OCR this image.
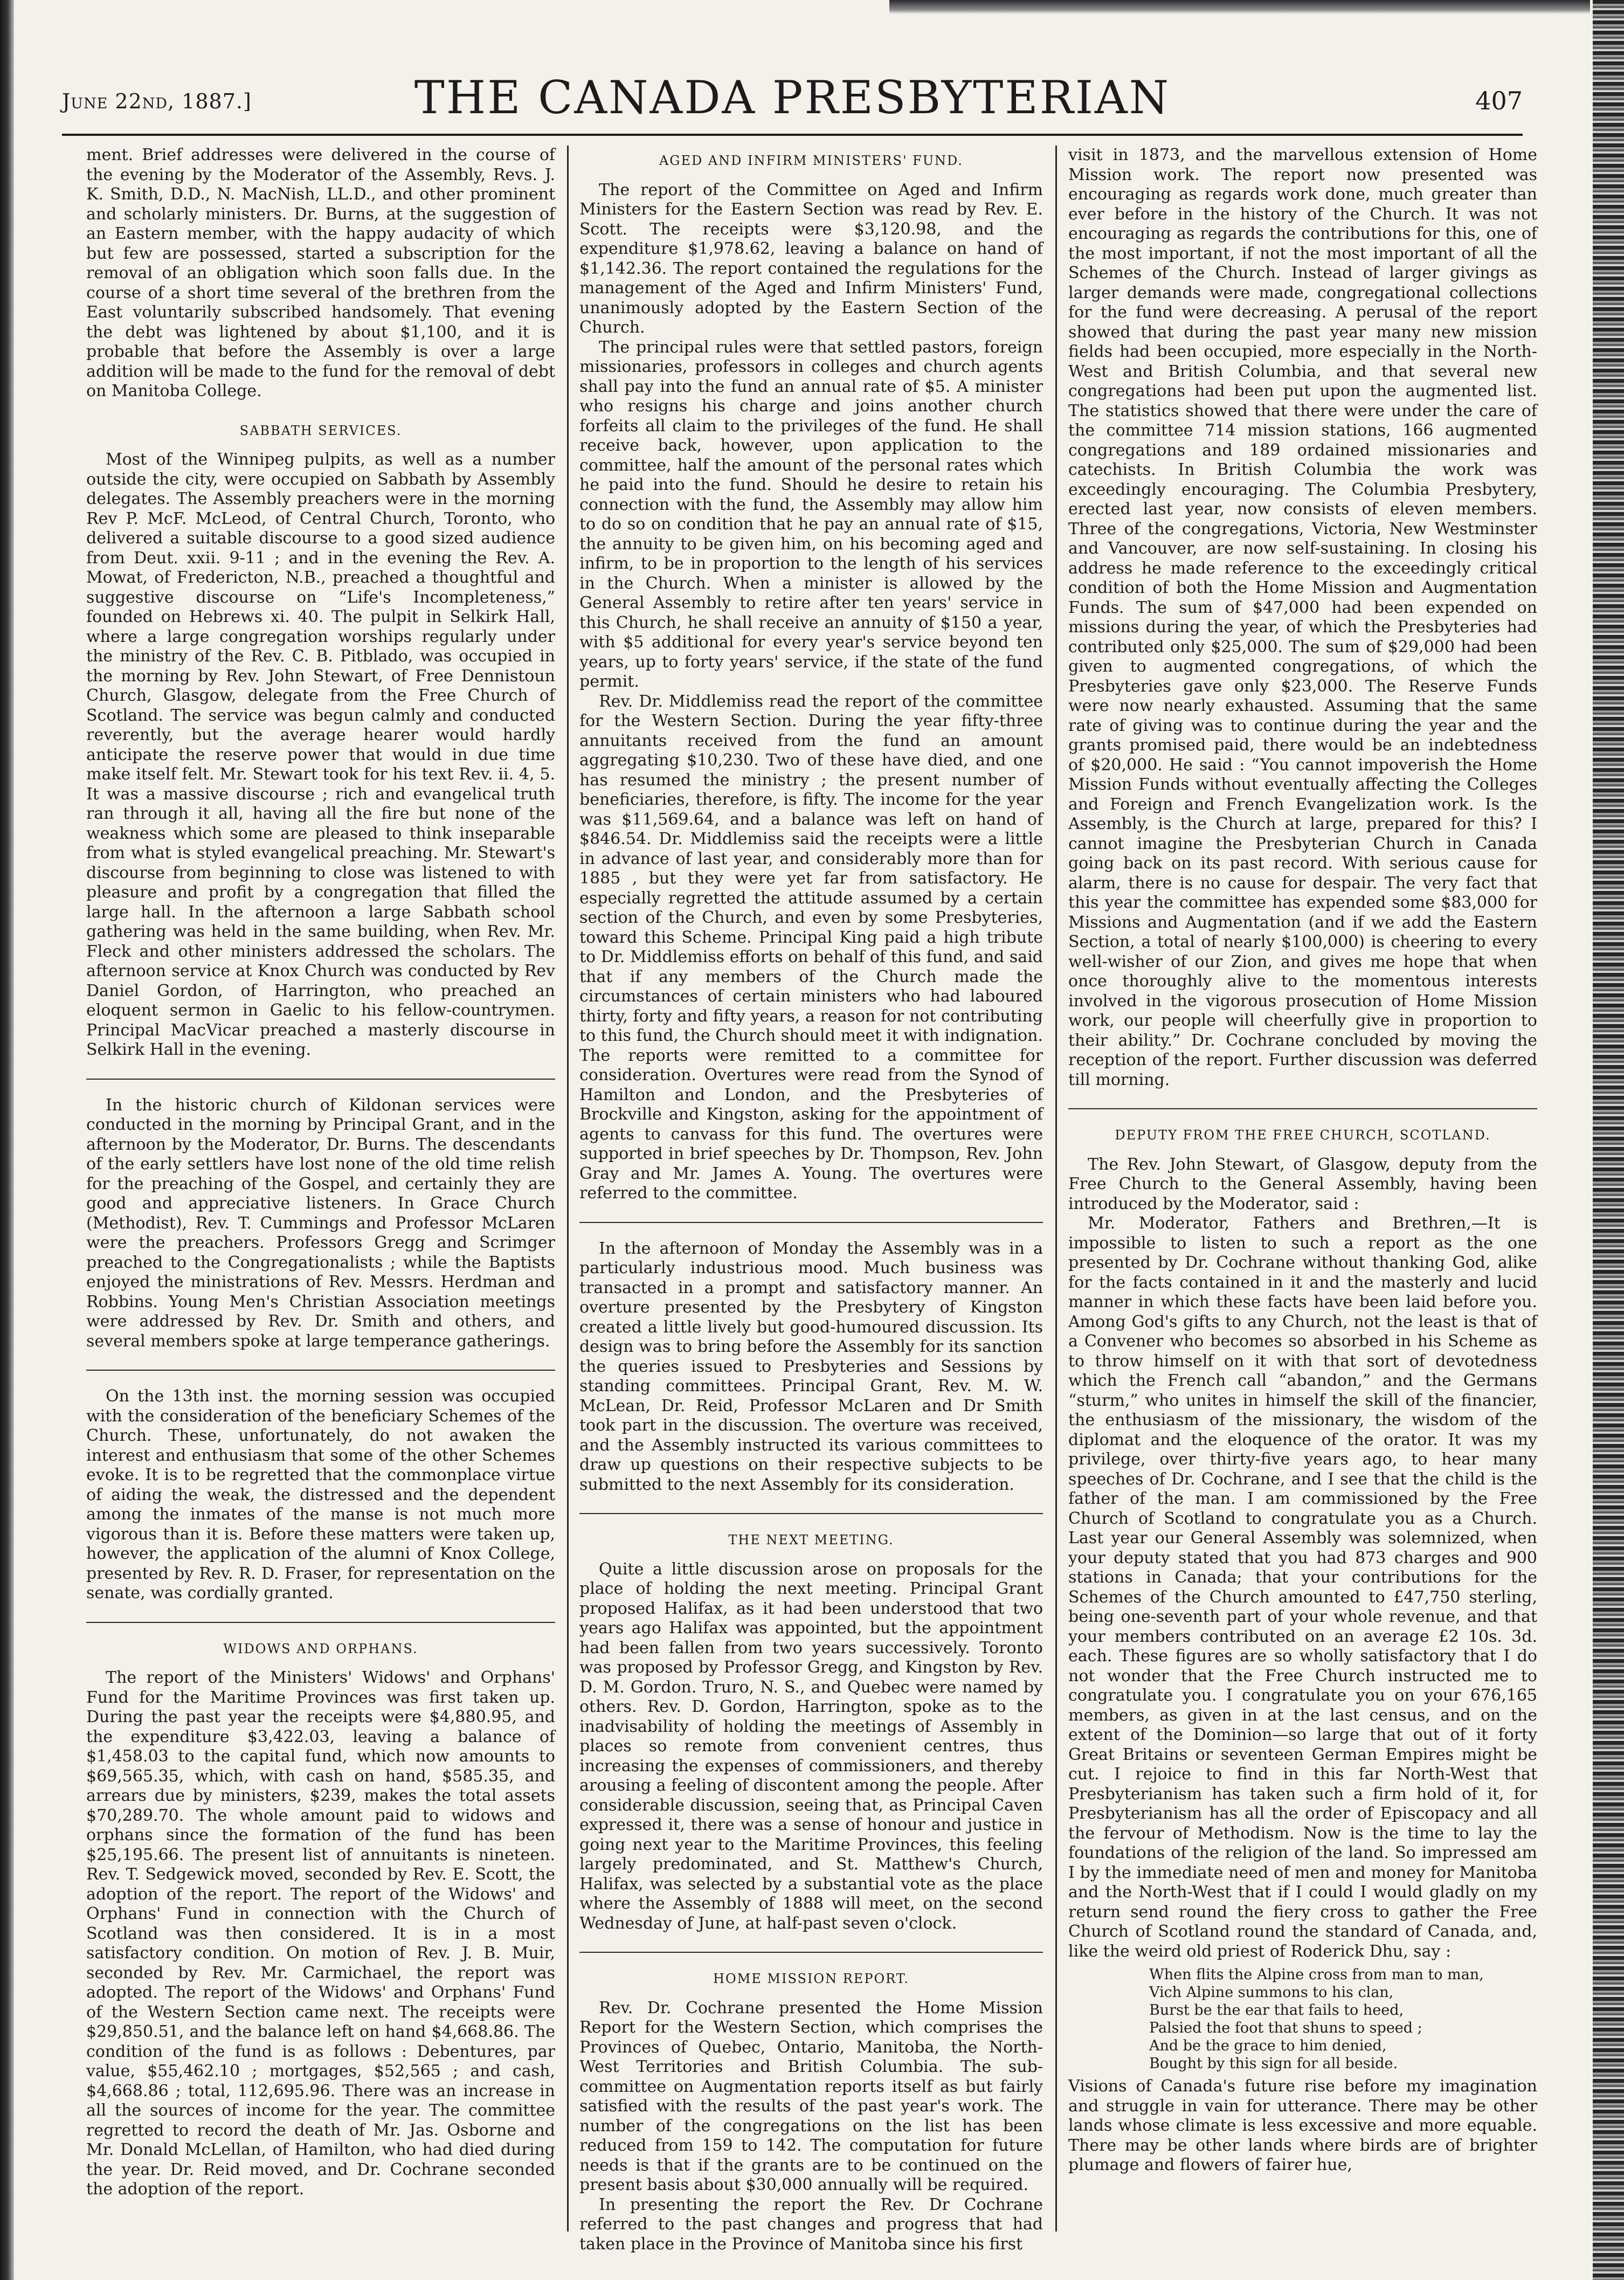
June 22nd, 1887.]	THE CANADA PRESBYTERIAN	407

ment. Brief addresses were delivered in the course of the evening by the Moderator of the Assembly, Revs. J. K. Smith, D.D., N. MacNish, LL.D., and other prominent and scholarly ministers. Dr. Burns, at the suggestion of an Eastern member, with the happy audacity of which but few are possessed, started a subscription for the removal of an obligation which soon falls due. In the course of a short time several of the brethren from the East voluntarily subscribed handsomely. That evening the debt was lightened by about $1,100, and it is probable that before the Assembly is over a large addition will be made to the fund for the removal of debt on Manitoba College.

SABBATH SERVICES.

Most of the Winnipeg pulpits, as well as a number outside the city, were occupied on Sabbath by Assembly delegates. The Assembly preachers were in the morning Rev P. McF. McLeod, of Central Church, Toronto, who delivered a suitable discourse to a good sized audience from Deut. xxii. 9-11 ; and in the evening the Rev. A. Mowat, of Fredericton, N.B., preached a thoughtful and suggestive discourse on “Life's Incompleteness,” founded on Hebrews xi. 40. The pulpit in Selkirk Hall, where a large congregation worships regularly under the ministry of the Rev. C. B. Pitblado, was occupied in the morning by Rev. John Stewart, of Free Dennistoun Church, Glasgow, delegate from the Free Church of Scotland. The service was begun calmly and conducted reverently, but the average hearer would hardly anticipate the reserve power that would in due time make itself felt. Mr. Stewart took for his text Rev. ii. 4, 5. It was a massive discourse ; rich and evangelical truth ran through it all, having all the fire but none of the weakness which some are pleased to think inseparable from what is styled evangelical preaching. Mr. Stewart's discourse from beginning to close was listened to with pleasure and profit by a congregation that filled the large hall. In the afternoon a large Sabbath school gathering was held in the same building, when Rev. Mr. Fleck and other ministers addressed the scholars. The afternoon service at Knox Church was conducted by Rev Daniel Gordon, of Harrington, who preached an eloquent sermon in Gaelic to his fellow-countrymen. Principal MacVicar preached a masterly discourse in Selkirk Hall in the evening.

In the historic church of Kildonan services were conducted in the morning by Principal Grant, and in the afternoon by the Moderator, Dr. Burns. The descendants of the early settlers have lost none of the old time relish for the preaching of the Gospel, and certainly they are good and appreciative listeners. In Grace Church (Methodist), Rev. T. Cummings and Professor McLaren were the preachers. Professors Gregg and Scrimger preached to the Congregationalists ; while the Baptists enjoyed the ministrations of Rev. Messrs. Herdman and Robbins. Young Men's Christian Association meetings were addressed by Rev. Dr. Smith and others, and several members spoke at large temperance gatherings.

On the 13th inst. the morning session was occupied with the consideration of the beneficiary Schemes of the Church. These, unfortunately, do not awaken the interest and enthusiasm that some of the other Schemes evoke. It is to be regretted that the commonplace virtue of aiding the weak, the distressed and the dependent among the inmates of the manse is not much more vigorous than it is. Before these matters were taken up, however, the application of the alumni of Knox College, presented by Rev. R. D. Fraser, for representation on the senate, was cordially granted.

WIDOWS AND ORPHANS.

The report of the Ministers' Widows' and Orphans' Fund for the Maritime Provinces was first taken up. During the past year the receipts were $4,880.95, and the expenditure $3,422.03, leaving a balance of $1,458.03 to the capital fund, which now amounts to $69,565.35, which, with cash on hand, $585.35, and arrears due by ministers, $239, makes the total assets $70,289.70. The whole amount paid to widows and orphans since the formation of the fund has been $25,195.66. The present list of annuitants is nineteen. Rev. T. Sedgewick moved, seconded by Rev. E. Scott, the adoption of the report. The report of the Widows' and Orphans' Fund in connection with the Church of Scotland was then considered. It is in a most satisfactory condition. On motion of Rev. J. B. Muir, seconded by Rev. Mr. Carmichael, the report was adopted. The report of the Widows' and Orphans' Fund of the Western Section came next. The receipts were $29,850.51, and the balance left on hand $4,668.86. The condition of the fund is as follows : Debentures, par value, $55,462.10 ; mortgages, $52,565 ; and cash, $4,668.86 ; total, 112,695.96. There was an increase in all the sources of income for the year. The committee regretted to record the death of Mr. Jas. Osborne and Mr. Donald McLellan, of Hamilton, who had died during the year. Dr. Reid moved, and Dr. Cochrane seconded the adoption of the report.

AGED AND INFIRM MINISTERS' FUND.

The report of the Committee on Aged and Infirm Ministers for the Eastern Section was read by Rev. E. Scott. The receipts were $3,120.98, and the expenditure $1,978.62, leaving a balance on hand of $1,142.36. The report contained the regulations for the management of the Aged and Infirm Ministers' Fund, unanimously adopted by the Eastern Section of the Church.

The principal rules were that settled pastors, foreign missionaries, professors in colleges and church agents shall pay into the fund an annual rate of $5. A minister who resigns his charge and joins another church forfeits all claim to the privileges of the fund. He shall receive back, however, upon application to the committee, half the amount of the personal rates which he paid into the fund. Should he desire to retain his connection with the fund, the Assembly may allow him to do so on condition that he pay an annual rate of $15, the annuity to be given him, on his becoming aged and infirm, to be in proportion to the length of his services in the Church. When a minister is allowed by the General Assembly to retire after ten years' service in this Church, he shall receive an annuity of $150 a year, with $5 additional for every year's service beyond ten years, up to forty years' service, if the state of the fund permit.

Rev. Dr. Middlemiss read the report of the committee for the Western Section. During the year fifty-three annuitants received from the fund an amount aggregating $10,230. Two of these have died, and one has resumed the ministry ; the present number of beneficiaries, therefore, is fifty. The income for the year was $11,569.64, and a balance was left on hand of $846.54. Dr. Middlemiss said the receipts were a little in advance of last year, and considerably more than for 1885 , but they were yet far from satisfactory. He especially regretted the attitude assumed by a certain section of the Church, and even by some Presbyteries, toward this Scheme. Principal King paid a high tribute to Dr. Middlemiss efforts on behalf of this fund, and said that if any members of the Church made the circumstances of certain ministers who had laboured thirty, forty and fifty years, a reason for not contributing to this fund, the Church should meet it with indignation. The reports were remitted to a committee for consideration. Overtures were read from the Synod of Hamilton and London, and the Presbyteries of Brockville and Kingston, asking for the appointment of agents to canvass for this fund. The overtures were supported in brief speeches by Dr. Thompson, Rev. John Gray and Mr. James A. Young. The overtures were referred to the committee.

In the afternoon of Monday the Assembly was in a particularly industrious mood. Much business was transacted in a prompt and satisfactory manner. An overture presented by the Presbytery of Kingston created a little lively but good-humoured discussion. Its design was to bring before the Assembly for its sanction the queries issued to Presbyteries and Sessions by standing committees. Principal Grant, Rev. M. W. McLean, Dr. Reid, Professor McLaren and Dr Smith took part in the discussion. The overture was received, and the Assembly instructed its various committees to draw up questions on their respective subjects to be submitted to the next Assembly for its consideration.

THE NEXT MEETING.

Quite a little discussion arose on proposals for the place of holding the next meeting. Principal Grant proposed Halifax, as it had been understood that two years ago Halifax was appointed, but the appointment had been fallen from two years successively. Toronto was proposed by Professor Gregg, and Kingston by Rev. D. M. Gordon. Truro, N. S., and Quebec were named by others. Rev. D. Gordon, Harrington, spoke as to the inadvisability of holding the meetings of Assembly in places so remote from convenient centres, thus increasing the expenses of commissioners, and thereby arousing a feeling of discontent among the people. After considerable discussion, seeing that, as Principal Caven expressed it, there was a sense of honour and justice in going next year to the Maritime Provinces, this feeling largely predominated, and St. Matthew's Church, Halifax, was selected by a substantial vote as the place where the Assembly of 1888 will meet, on the second Wednesday of June, at half-past seven o'clock.

HOME MISSION REPORT.

Rev. Dr. Cochrane presented the Home Mission Report for the Western Section, which comprises the Provinces of Quebec, Ontario, Manitoba, the North-West Territories and British Columbia. The sub-committee on Augmentation reports itself as but fairly satisfied with the results of the past year's work. The number of the congregations on the list has been reduced from 159 to 142. The computation for future needs is that if the grants are to be continued on the present basis about $30,000 annually will be required.

In presenting the report the Rev. Dr Cochrane referred to the past changes and progress that had taken place in the Province of Manitoba since his first

visit in 1873, and the marvellous extension of Home Mission work. The report now presented was encouraging as regards work done, much greater than ever before in the history of the Church. It was not encouraging as regards the contributions for this, one of the most important, if not the most important of all the Schemes of the Church. Instead of larger givings as larger demands were made, congregational collections for the fund were decreasing. A perusal of the report showed that during the past year many new mission fields had been occupied, more especially in the North-West and British Columbia, and that several new congregations had been put upon the augmented list. The statistics showed that there were under the care of the committee 714 mission stations, 166 augmented congregations and 189 ordained missionaries and catechists. In British Columbia the work was exceedingly encouraging. The Columbia Presbytery, erected last year, now consists of eleven members. Three of the congregations, Victoria, New Westminster and Vancouver, are now self-sustaining. In closing his address he made reference to the exceedingly critical condition of both the Home Mission and Augmentation Funds. The sum of $47,000 had been expended on missions during the year, of which the Presbyteries had contributed only $25,000. The sum of $29,000 had been given to augmented congregations, of which the Presbyteries gave only $23,000. The Reserve Funds were now nearly exhausted. Assuming that the same rate of giving was to continue during the year and the grants promised paid, there would be an indebtedness of $20,000. He said : “You cannot impoverish the Home Mission Funds without eventually affecting the Colleges and Foreign and French Evangelization work. Is the Assembly, is the Church at large, prepared for this? I cannot imagine the Presbyterian Church in Canada going back on its past record. With serious cause for alarm, there is no cause for despair. The very fact that this year the committee has expended some $83,000 for Missions and Augmentation (and if we add the Eastern Section, a total of nearly $100,000) is cheering to every well-wisher of our Zion, and gives me hope that when once thoroughly alive to the momentous interests involved in the vigorous prosecution of Home Mission work, our people will cheerfully give in proportion to their ability.” Dr. Cochrane concluded by moving the reception of the report. Further discussion was deferred till morning.

DEPUTY FROM THE FREE CHURCH, SCOTLAND.

The Rev. John Stewart, of Glasgow, deputy from the Free Church to the General Assembly, having been introduced by the Moderator, said :

Mr. Moderator, Fathers and Brethren,—It is impossible to listen to such a report as the one presented by Dr. Cochrane without thanking God, alike for the facts contained in it and the masterly and lucid manner in which these facts have been laid before you. Among God's gifts to any Church, not the least is that of a Convener who becomes so absorbed in his Scheme as to throw himself on it with that sort of devotedness which the French call “abandon,” and the Germans “sturm,” who unites in himself the skill of the financier, the enthusiasm of the missionary, the wisdom of the diplomat and the eloquence of the orator. It was my privilege, over thirty-five years ago, to hear many speeches of Dr. Cochrane, and I see that the child is the father of the man. I am commissioned by the Free Church of Scotland to congratulate you as a Church. Last year our General Assembly was solemnized, when your deputy stated that you had 873 charges and 900 stations in Canada; that your contributions for the Schemes of the Church amounted to £47,750 sterling, being one-seventh part of your whole revenue, and that your members contributed on an average £2 10s. 3d. each. These figures are so wholly satisfactory that I do not wonder that the Free Church instructed me to congratulate you. I congratulate you on your 676,165 members, as given in at the last census, and on the extent of the Dominion—so large that out of it forty Great Britains or seventeen German Empires might be cut. I rejoice to find in this far North-West that Presbyterianism has taken such a firm hold of it, for Presbyterianism has all the order of Episcopacy and all the fervour of Methodism. Now is the time to lay the foundations of the religion of the land. So impressed am I by the immediate need of men and money for Manitoba and the North-West that if I could I would gladly on my return send round the fiery cross to gather the Free Church of Scotland round the standard of Canada, and, like the weird old priest of Roderick Dhu, say :

When flits the Alpine cross from man to man,
Vich Alpine summons to his clan,
Burst be the ear that fails to heed,
Palsied the foot that shuns to speed ;
And be the grace to him denied,
Bought by this sign for all beside.

Visions of Canada's future rise before my imagination and struggle in vain for utterance. There may be other lands whose climate is less excessive and more equable. There may be other lands where birds are of brighter plumage and flowers of fairer hue,
